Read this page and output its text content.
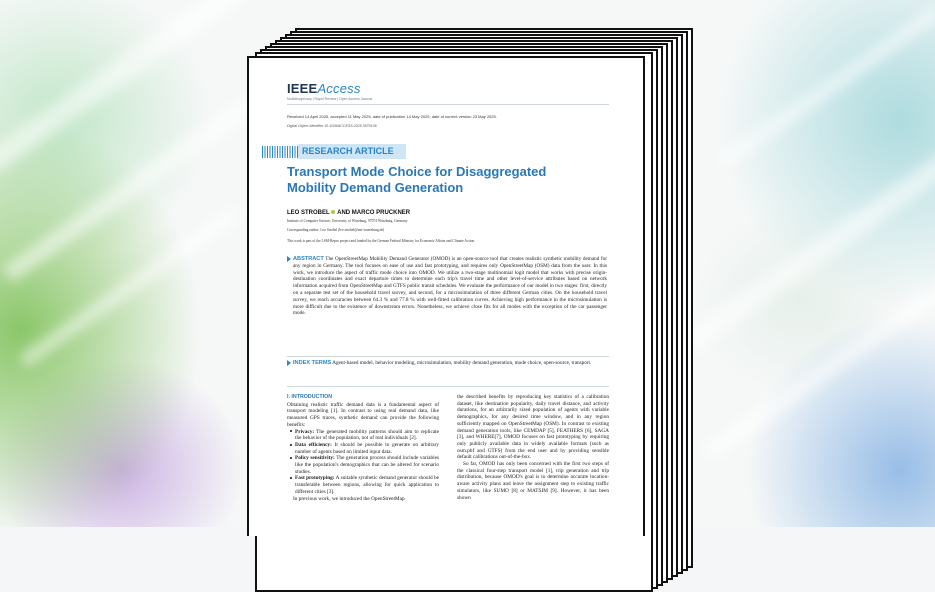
IEEEAccess
Multidisciplinary | Rapid Review | Open Access Journal
Received 14 April 2025, accepted 11 May 2025, date of publication 14 May 2025, date of current version 23 May 2025.
Digital Object Identifier 10.1109/ACCESS.2025.3570136
RESEARCH ARTICLE
Transport Mode Choice for Disaggregated Mobility Demand Generation
LEO STROBEL AND MARCO PRUCKNER
Institute of Computer Science, University of Würzburg, 97074 Würzburg, Germany
Corresponding author: Leo Strobel (leo.strobel@uni-wuerzburg.de)
This work is part of the LSM-Repro project and funded by the German Federal Ministry for Economic Affairs and Climate Action.
ABSTRACT The OpenStreetMap Mobility Demand Generator (OMOD) is an open-source tool that creates realistic synthetic mobility demand for any region in Germany. The tool focuses on ease of use and fast prototyping, and requires only OpenStreetMap (OSM) data from the user. In this work, we introduce the aspect of traffic mode choice into OMOD. We utilize a two-stage multinomial logit model that works with precise origin-destination coordinates and exact departure times to determine each trip's travel time and other level-of-service attributes based on network information acquired from OpenStreetMap and GTFS public transit schedules. We evaluate the performance of our model in two stages: first, directly on a separate test set of the household travel survey, and second, for a microsimulation of three different German cities. On the household travel survey, we reach accuracies between 64.3 % and 77.8 % with well-fitted calibration curves. Achieving high performance in the microsimulation is more difficult due to the existence of downstream errors. Nonetheless, we achieve close fits for all modes with the exception of the car passenger mode.
INDEX TERMS Agent-based model, behavior modeling, microsimulation, mobility demand generation, mode choice, open-source, transport.
I. INTRODUCTION

Obtaining realistic traffic demand data is a fundamental aspect of transport modeling [1]. In contrast to using real demand data, like measured GPS traces, synthetic demand can provide the following benefits:

Privacy: The generated mobility patterns should aim to replicate the behavior of the population, not of real individuals [2].

Data efficiency: It should be possible to generate on arbitrary number of agents based on limited input data.

Policy sensitivity: The generation process should include variables like the population's demographics that can be altered for scenario studies.

Fast prototyping: A suitable synthetic demand generator should be transferable between regions, allowing for quick application to different cities [3].

In previous work, we introduced the OpenStreetMap

the described benefits by reproducing key statistics of a calibration dataset, like destination popularity, daily travel distance, and activity durations, for an arbitrarily sized population of agents with variable demographics, for any desired time window, and in any region sufficiently mapped on OpenStreetMap (OSM). In contrast to existing demand generation tools, like CEMDAP [5], FEATHERS [6], SAGA [3], and WHERE[7], OMOD focuses on fast prototyping by requiring only publicly available data in widely available formats (such as osm.pbf and GTFS) from the end user and by providing sensible default calibrations out-of-the-box.

So far, OMOD has only been concerned with the first two steps of the classical four-step transport model [1], trip generation and trip distribution, because OMOD's goal is to determine accurate location-aware activity plans and leave the assignment step to existing traffic simulators, like SUMO [8] or MATSIM [9]. However, it has been shown
